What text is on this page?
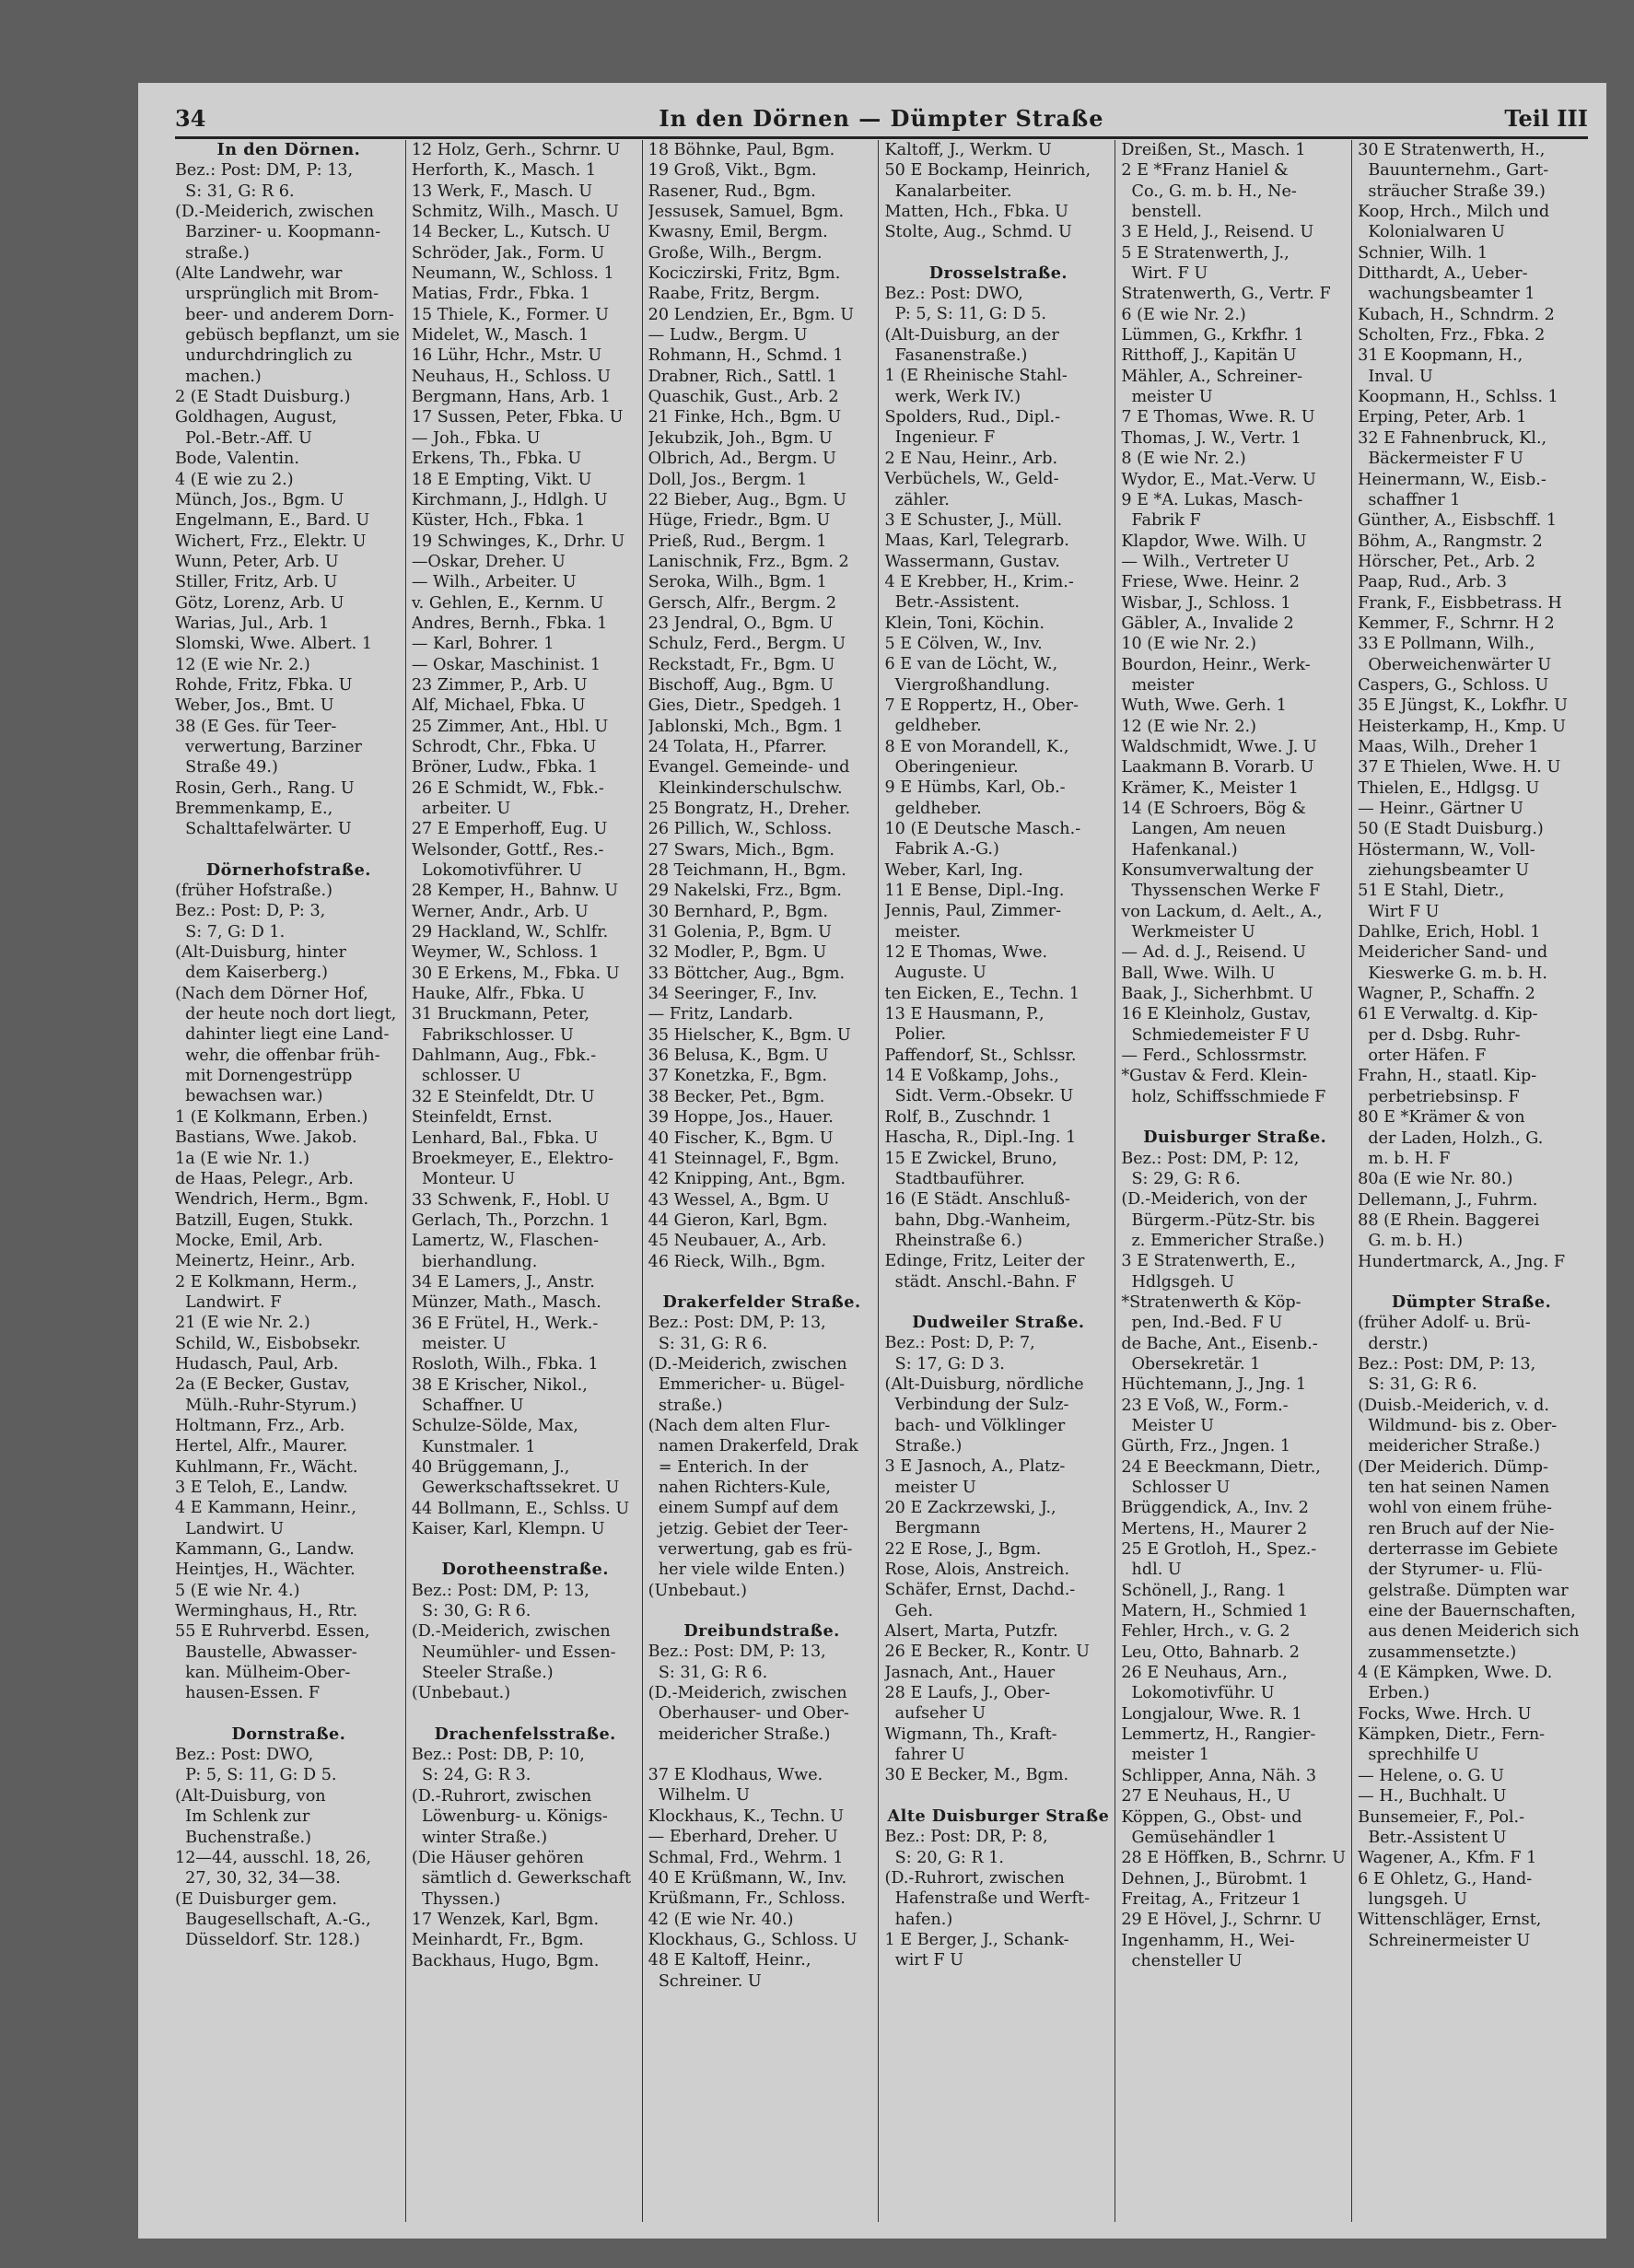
34	In den Dörnen — Dümpter Straße	Teil III
In den Dörnen.
Bez.: Post: DM, P: 13,
S: 31, G: R 6.
(D.-Meiderich, zwischen
Barziner- u. Koopmann-
straße.)
(Alte Landwehr, war
ursprünglich mit Brom-
beer- und anderem Dorn-
gebüsch bepflanzt, um sie
undurchdringlich zu
machen.)
2 (E Stadt Duisburg.)
Goldhagen, August,
Pol.-Betr.-Aff. U
Bode, Valentin.
4 (E wie zu 2.)
Münch, Jos., Bgm. U
Engelmann, E., Bard. U
Wichert, Frz., Elektr. U
Wunn, Peter, Arb. U
Stiller, Fritz, Arb. U
Götz, Lorenz, Arb. U
Warias, Jul., Arb. 1
Slomski, Wwe. Albert. 1
12 (E wie Nr. 2.)
Rohde, Fritz, Fbka. U
Weber, Jos., Bmt. U
38 (E Ges. für Teer-
verwertung, Barziner
Straße 49.)
Rosin, Gerh., Rang. U
Bremmenkamp, E.,
Schalttafelwärter. U
Dörnerhofstraße.
(früher Hofstraße.)
Bez.: Post: D, P: 3,
S: 7, G: D 1.
(Alt-Duisburg, hinter
dem Kaiserberg.)
(Nach dem Dörner Hof,
der heute noch dort liegt,
dahinter liegt eine Land-
wehr, die offenbar früh-
mit Dornengestrüpp
bewachsen war.)
1 (E Kolkmann, Erben.)
Bastians, Wwe. Jakob.
1a (E wie Nr. 1.)
de Haas, Pelegr., Arb.
Wendrich, Herm., Bgm.
Batzill, Eugen, Stukk.
Mocke, Emil, Arb.
Meinertz, Heinr., Arb.
2 E Kolkmann, Herm.,
Landwirt. F
21 (E wie Nr. 2.)
Schild, W., Eisbobsekr.
Hudasch, Paul, Arb.
2a (E Becker, Gustav,
Mülh.-Ruhr-Styrum.)
Holtmann, Frz., Arb.
Hertel, Alfr., Maurer.
Kuhlmann, Fr., Wächt.
3 E Teloh, E., Landw.
4 E Kammann, Heinr.,
Landwirt. U
Kammann, G., Landw.
Heintjes, H., Wächter.
5 (E wie Nr. 4.)
Werminghaus, H., Rtr.
55 E Ruhrverbd. Essen,
Baustelle, Abwasser-
kan. Mülheim-Ober-
hausen-Essen. F
Dornstraße.
Bez.: Post: DWO,
P: 5, S: 11, G: D 5.
(Alt-Duisburg, von
Im Schlenk zur
Buchenstraße.)
12—44, ausschl. 18, 26,
27, 30, 32, 34—38.
(E Duisburger gem.
Baugesellschaft, A.-G.,
Düsseldorf. Str. 128.)
12 Holz, Gerh., Schrnr. U
Herforth, K., Masch. 1
13 Werk, F., Masch. U
Schmitz, Wilh., Masch. U
14 Becker, L., Kutsch. U
Schröder, Jak., Form. U
Neumann, W., Schloss. 1
Matias, Frdr., Fbka. 1
15 Thiele, K., Former. U
Midelet, W., Masch. 1
16 Lühr, Hchr., Mstr. U
Neuhaus, H., Schloss. U
Bergmann, Hans, Arb. 1
17 Sussen, Peter, Fbka. U
— Joh., Fbka. U
Erkens, Th., Fbka. U
18 E Empting, Vikt. U
Kirchmann, J., Hdlgh. U
Küster, Hch., Fbka. 1
19 Schwinges, K., Drhr. U
—Oskar, Dreher. U
— Wilh., Arbeiter. U
v. Gehlen, E., Kernm. U
Andres, Bernh., Fbka. 1
— Karl, Bohrer. 1
— Oskar, Maschinist. 1
23 Zimmer, P., Arb. U
Alf, Michael, Fbka. U
25 Zimmer, Ant., Hbl. U
Schrodt, Chr., Fbka. U
Bröner, Ludw., Fbka. 1
26 E Schmidt, W., Fbk.-
arbeiter. U
27 E Emperhoff, Eug. U
Welsonder, Gottf., Res.-
Lokomotivführer. U
28 Kemper, H., Bahnw. U
Werner, Andr., Arb. U
29 Hackland, W., Schlfr.
Weymer, W., Schloss. 1
30 E Erkens, M., Fbka. U
Hauke, Alfr., Fbka. U
31 Bruckmann, Peter,
Fabrikschlosser. U
Dahlmann, Aug., Fbk.-
schlosser. U
32 E Steinfeldt, Dtr. U
Steinfeldt, Ernst.
Lenhard, Bal., Fbka. U
Broekmeyer, E., Elektro-
Monteur. U
33 Schwenk, F., Hobl. U
Gerlach, Th., Porzchn. 1
Lamertz, W., Flaschen-
bierhandlung.
34 E Lamers, J., Anstr.
Münzer, Math., Masch.
36 E Frütel, H., Werk.-
meister. U
Rosloth, Wilh., Fbka. 1
38 E Krischer, Nikol.,
Schaffner. U
Schulze-Sölde, Max,
Kunstmaler. 1
40 Brüggemann, J.,
Gewerkschaftssekret. U
44 Bollmann, E., Schlss. U
Kaiser, Karl, Klempn. U
Dorotheenstraße.
Bez.: Post: DM, P: 13,
S: 30, G: R 6.
(D.-Meiderich, zwischen
Neumühler- und Essen-
Steeler Straße.)
(Unbebaut.)
Drachenfelsstraße.
Bez.: Post: DB, P: 10,
S: 24, G: R 3.
(D.-Ruhrort, zwischen
Löwenburg- u. Königs-
winter Straße.)
(Die Häuser gehören
sämtlich d. Gewerkschaft
Thyssen.)
17 Wenzek, Karl, Bgm.
Meinhardt, Fr., Bgm.
Backhaus, Hugo, Bgm.
18 Böhnke, Paul, Bgm.
19 Groß, Vikt., Bgm.
Rasener, Rud., Bgm.
Jessusek, Samuel, Bgm.
Kwasny, Emil, Bergm.
Große, Wilh., Bergm.
Kociczirski, Fritz, Bgm.
Raabe, Fritz, Bergm.
20 Lendzien, Er., Bgm. U
— Ludw., Bergm. U
Rohmann, H., Schmd. 1
Drabner, Rich., Sattl. 1
Quaschik, Gust., Arb. 2
21 Finke, Hch., Bgm. U
Jekubzik, Joh., Bgm. U
Olbrich, Ad., Bergm. U
Doll, Jos., Bergm. 1
22 Bieber, Aug., Bgm. U
Hüge, Friedr., Bgm. U
Prieß, Rud., Bergm. 1
Lanischnik, Frz., Bgm. 2
Seroka, Wilh., Bgm. 1
Gersch, Alfr., Bergm. 2
23 Jendral, O., Bgm. U
Schulz, Ferd., Bergm. U
Reckstadt, Fr., Bgm. U
Bischoff, Aug., Bgm. U
Gies, Dietr., Spedgeh. 1
Jablonski, Mch., Bgm. 1
24 Tolata, H., Pfarrer.
Evangel. Gemeinde- und
Kleinkinderschulschw.
25 Bongratz, H., Dreher.
26 Pillich, W., Schloss.
27 Swars, Mich., Bgm.
28 Teichmann, H., Bgm.
29 Nakelski, Frz., Bgm.
30 Bernhard, P., Bgm.
31 Golenia, P., Bgm. U
32 Modler, P., Bgm. U
33 Böttcher, Aug., Bgm.
34 Seeringer, F., Inv.
— Fritz, Landarb.
35 Hielscher, K., Bgm. U
36 Belusa, K., Bgm. U
37 Konetzka, F., Bgm.
38 Becker, Pet., Bgm.
39 Hoppe, Jos., Hauer.
40 Fischer, K., Bgm. U
41 Steinnagel, F., Bgm.
42 Knipping, Ant., Bgm.
43 Wessel, A., Bgm. U
44 Gieron, Karl, Bgm.
45 Neubauer, A., Arb.
46 Rieck, Wilh., Bgm.
Drakerfelder Straße.
Bez.: Post: DM, P: 13,
S: 31, G: R 6.
(D.-Meiderich, zwischen
Emmericher- u. Bügel-
straße.)
(Nach dem alten Flur-
namen Drakerfeld, Drak
= Enterich. In der
nahen Richters-Kule,
einem Sumpf auf dem
jetzig. Gebiet der Teer-
verwertung, gab es frü-
her viele wilde Enten.)
(Unbebaut.)
Dreibundstraße.
Bez.: Post: DM, P: 13,
S: 31, G: R 6.
(D.-Meiderich, zwischen
Oberhauser- und Ober-
meidericher Straße.)
37 E Klodhaus, Wwe.
Wilhelm. U
Klockhaus, K., Techn. U
— Eberhard, Dreher. U
Schmal, Frd., Wehrm. 1
40 E Krüßmann, W., Inv.
Krüßmann, Fr., Schloss.
42 (E wie Nr. 40.)
Klockhaus, G., Schloss. U
48 E Kaltoff, Heinr.,
Schreiner. U
Kaltoff, J., Werkm. U
50 E Bockamp, Heinrich,
Kanalarbeiter.
Matten, Hch., Fbka. U
Stolte, Aug., Schmd. U
Drosselstraße.
Bez.: Post: DWO,
P: 5, S: 11, G: D 5.
(Alt-Duisburg, an der
Fasanenstraße.)
1 (E Rheinische Stahl-
werk, Werk IV.)
Spolders, Rud., Dipl.-
Ingenieur. F
2 E Nau, Heinr., Arb.
Verbüchels, W., Geld-
zähler.
3 E Schuster, J., Müll.
Maas, Karl, Telegrarb.
Wassermann, Gustav.
4 E Krebber, H., Krim.-
Betr.-Assistent.
Klein, Toni, Köchin.
5 E Cölven, W., Inv.
6 E van de Löcht, W.,
Viergroßhandlung.
7 E Roppertz, H., Ober-
geldheber.
8 E von Morandell, K.,
Oberingenieur.
9 E Hümbs, Karl, Ob.-
geldheber.
10 (E Deutsche Masch.-
Fabrik A.-G.)
Weber, Karl, Ing.
11 E Bense, Dipl.-Ing.
Jennis, Paul, Zimmer-
meister.
12 E Thomas, Wwe.
Auguste. U
ten Eicken, E., Techn. 1
13 E Hausmann, P.,
Polier.
Paffendorf, St., Schlssr.
14 E Voßkamp, Johs.,
Sidt. Verm.-Obsekr. U
Rolf, B., Zuschndr. 1
Hascha, R., Dipl.-Ing. 1
15 E Zwickel, Bruno,
Stadtbauführer.
16 (E Städt. Anschluß-
bahn, Dbg.-Wanheim,
Rheinstraße 6.)
Edinge, Fritz, Leiter der
städt. Anschl.-Bahn. F
Dudweiler Straße.
Bez.: Post: D, P: 7,
S: 17, G: D 3.
(Alt-Duisburg, nördliche
Verbindung der Sulz-
bach- und Völklinger
Straße.)
3 E Jasnoch, A., Platz-
meister U
20 E Zackrzewski, J.,
Bergmann
22 E Rose, J., Bgm.
Rose, Alois, Anstreich.
Schäfer, Ernst, Dachd.-
Geh.
Alsert, Marta, Putzfr.
26 E Becker, R., Kontr. U
Jasnach, Ant., Hauer
28 E Laufs, J., Ober-
aufseher U
Wigmann, Th., Kraft-
fahrer U
30 E Becker, M., Bgm.
Alte Duisburger Straße
Bez.: Post: DR, P: 8,
S: 20, G: R 1.
(D.-Ruhrort, zwischen
Hafenstraße und Werft-
hafen.)
1 E Berger, J., Schank-
wirt F U
Dreißen, St., Masch. 1
2 E *Franz Haniel &
Co., G. m. b. H., Ne-
benstell.
3 E Held, J., Reisend. U
5 E Stratenwerth, J.,
Wirt. F U
Stratenwerth, G., Vertr. F
6 (E wie Nr. 2.)
Lümmen, G., Krkfhr. 1
Ritthoff, J., Kapitän U
Mähler, A., Schreiner-
meister U
7 E Thomas, Wwe. R. U
Thomas, J. W., Vertr. 1
8 (E wie Nr. 2.)
Wydor, E., Mat.-Verw. U
9 E *A. Lukas, Masch-
Fabrik F
Klapdor, Wwe. Wilh. U
— Wilh., Vertreter U
Friese, Wwe. Heinr. 2
Wisbar, J., Schloss. 1
Gäbler, A., Invalide 2
10 (E wie Nr. 2.)
Bourdon, Heinr., Werk-
meister
Wuth, Wwe. Gerh. 1
12 (E wie Nr. 2.)
Waldschmidt, Wwe. J. U
Laakmann B. Vorarb. U
Krämer, K., Meister 1
14 (E Schroers, Bög &
Langen, Am neuen
Hafenkanal.)
Konsumverwaltung der
Thyssenschen Werke F
von Lackum, d. Aelt., A.,
Werkmeister U
— Ad. d. J., Reisend. U
Ball, Wwe. Wilh. U
Baak, J., Sicherhbmt. U
16 E Kleinholz, Gustav,
Schmiedemeister F U
— Ferd., Schlossrmstr.
*Gustav & Ferd. Klein-
holz, Schiffsschmiede F
Duisburger Straße.
Bez.: Post: DM, P: 12,
S: 29, G: R 6.
(D.-Meiderich, von der
Bürgerm.-Pütz-Str. bis
z. Emmericher Straße.)
3 E Stratenwerth, E.,
Hdlgsgeh. U
*Stratenwerth & Köp-
pen, Ind.-Bed. F U
de Bache, Ant., Eisenb.-
Obersekretär. 1
Hüchtemann, J., Jng. 1
23 E Voß, W., Form.-
Meister U
Gürth, Frz., Jngen. 1
24 E Beeckmann, Dietr.,
Schlosser U
Brüggendick, A., Inv. 2
Mertens, H., Maurer 2
25 E Grotloh, H., Spez.-
hdl. U
Schönell, J., Rang. 1
Matern, H., Schmied 1
Fehler, Hrch., v. G. 2
Leu, Otto, Bahnarb. 2
26 E Neuhaus, Arn.,
Lokomotivführ. U
Longjalour, Wwe. R. 1
Lemmertz, H., Rangier-
meister 1
Schlipper, Anna, Näh. 3
27 E Neuhaus, H., U
Köppen, G., Obst- und
Gemüsehändler 1
28 E Höffken, B., Schrnr. U
Dehnen, J., Bürobmt. 1
Freitag, A., Fritzeur 1
29 E Hövel, J., Schrnr. U
Ingenhamm, H., Wei-
chensteller U
30 E Stratenwerth, H.,
Bauunternehm., Gart-
sträucher Straße 39.)
Koop, Hrch., Milch und
Kolonialwaren U
Schnier, Wilh. 1
Ditthardt, A., Ueber-
wachungsbeamter 1
Kubach, H., Schndrm. 2
Scholten, Frz., Fbka. 2
31 E Koopmann, H.,
Inval. U
Koopmann, H., Schlss. 1
Erping, Peter, Arb. 1
32 E Fahnenbruck, Kl.,
Bäckermeister F U
Heinermann, W., Eisb.-
schaffner 1
Günther, A., Eisbschff. 1
Böhm, A., Rangmstr. 2
Hörscher, Pet., Arb. 2
Paap, Rud., Arb. 3
Frank, F., Eisbbetrass. H
Kemmer, F., Schrnr. H 2
33 E Pollmann, Wilh.,
Oberweichenwärter U
Caspers, G., Schloss. U
35 E Jüngst, K., Lokfhr. U
Heisterkamp, H., Kmp. U
Maas, Wilh., Dreher 1
37 E Thielen, Wwe. H. U
Thielen, E., Hdlgsg. U
— Heinr., Gärtner U
50 (E Stadt Duisburg.)
Höstermann, W., Voll-
ziehungsbeamter U
51 E Stahl, Dietr.,
Wirt F U
Dahlke, Erich, Hobl. 1
Meidericher Sand- und
Kieswerke G. m. b. H.
Wagner, P., Schaffn. 2
61 E Verwaltg. d. Kip-
per d. Dsbg. Ruhr-
orter Häfen. F
Frahn, H., staatl. Kip-
perbetriebsinsp. F
80 E *Krämer & von
der Laden, Holzh., G.
m. b. H. F
80a (E wie Nr. 80.)
Dellemann, J., Fuhrm.
88 (E Rhein. Baggerei
G. m. b. H.)
Hundertmarck, A., Jng. F
Dümpter Straße.
(früher Adolf- u. Brü-
derstr.)
Bez.: Post: DM, P: 13,
S: 31, G: R 6.
(Duisb.-Meiderich, v. d.
Wildmund- bis z. Ober-
meidericher Straße.)
(Der Meiderich. Dümp-
ten hat seinen Namen
wohl von einem frühe-
ren Bruch auf der Nie-
derterrasse im Gebiete
der Styrumer- u. Flü-
gelstraße. Dümpten war
eine der Bauernschaften,
aus denen Meiderich sich
zusammensetzte.)
4 (E Kämpken, Wwe. D.
Erben.)
Focks, Wwe. Hrch. U
Kämpken, Dietr., Fern-
sprechhilfe U
— Helene, o. G. U
— H., Buchhalt. U
Bunsemeier, F., Pol.-
Betr.-Assistent U
Wagener, A., Kfm. F 1
6 E Ohletz, G., Hand-
lungsgeh. U
Wittenschläger, Ernst,
Schreinermeister U
